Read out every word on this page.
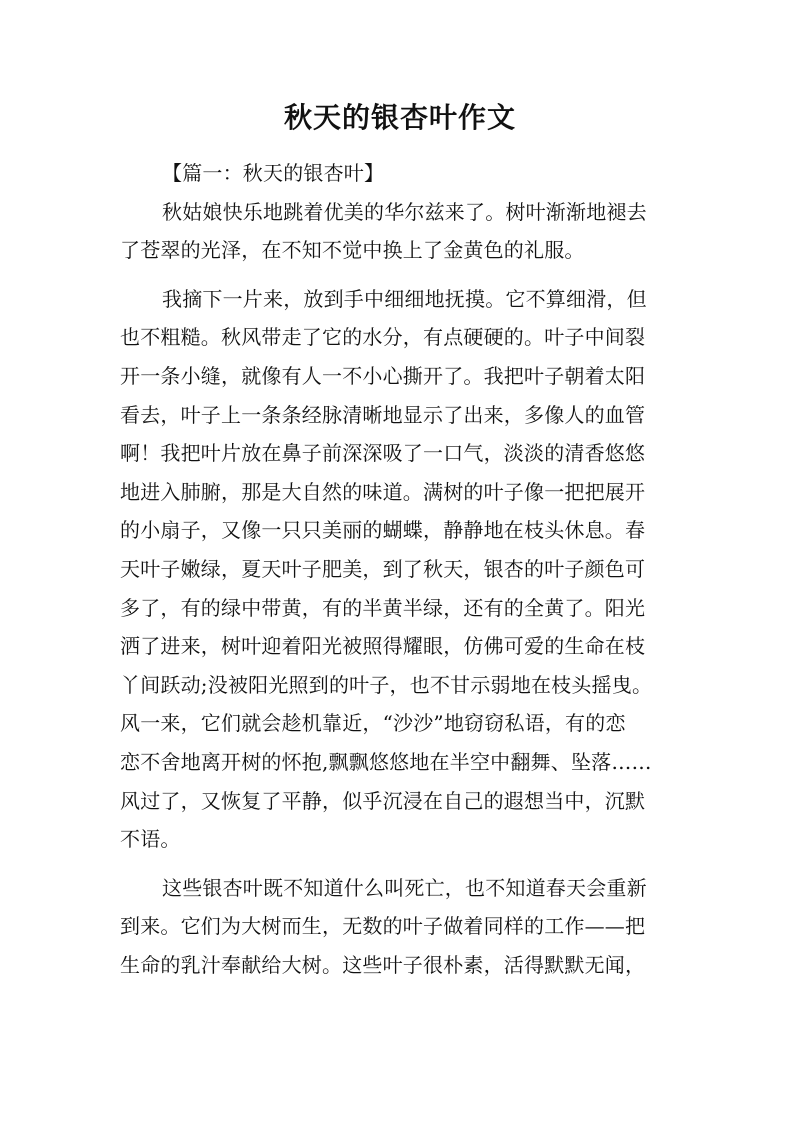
秋天的银杏叶作文
【篇一：秋天的银杏叶】
秋姑娘快乐地跳着优美的华尔兹来了。树叶渐渐地褪去
了苍翠的光泽，在不知不觉中换上了金黄色的礼服。
我摘下一片来，放到手中细细地抚摸。它不算细滑，但
也不粗糙。秋风带走了它的水分，有点硬硬的。叶子中间裂
开一条小缝，就像有人一不小心撕开了。我把叶子朝着太阳
看去，叶子上一条条经脉清晰地显示了出来，多像人的血管
啊！我把叶片放在鼻子前深深吸了一口气，淡淡的清香悠悠
地进入肺腑，那是大自然的味道。满树的叶子像一把把展开
的小扇子，又像一只只美丽的蝴蝶，静静地在枝头休息。春
天叶子嫩绿，夏天叶子肥美，到了秋天，银杏的叶子颜色可
多了，有的绿中带黄，有的半黄半绿，还有的全黄了。阳光
洒了进来，树叶迎着阳光被照得耀眼，仿佛可爱的生命在枝
丫间跃动;没被阳光照到的叶子，也不甘示弱地在枝头摇曳。
风一来，它们就会趁机靠近，“沙沙”地窃窃私语，有的恋
恋不舍地离开树的怀抱,飘飘悠悠地在半空中翻舞、坠落……
风过了，又恢复了平静，似乎沉浸在自己的遐想当中，沉默
不语。
这些银杏叶既不知道什么叫死亡，也不知道春天会重新
到来。它们为大树而生，无数的叶子做着同样的工作——把
生命的乳汁奉献给大树。这些叶子很朴素，活得默默无闻，
